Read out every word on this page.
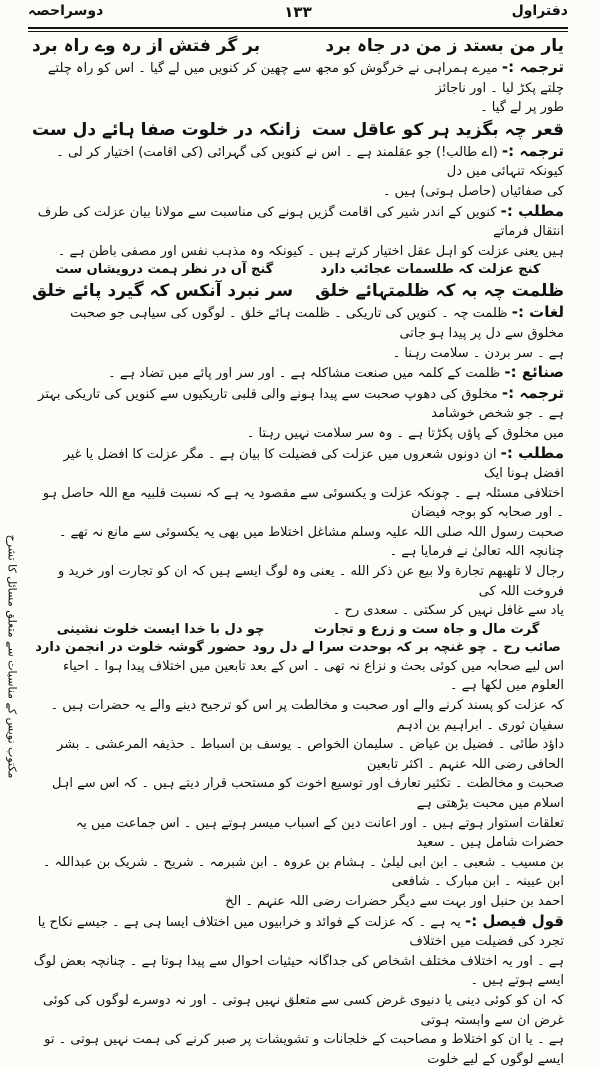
دوسراحصہ	۱۳۳	دفتراول
یار من بستد ز من در جاہ برد
بر گر فتش از رہ وے راہ برد

ترجمہ :- میرے ہمراہی نے خرگوش کو مجھ سے چھین کر کنویں میں لے گیا ۔ اس کو راہ چلتے چلتے پکڑ لیا ۔ اور ناجائز

طور پر لے گیا ۔

قعر چہ بگزید ہر کو عاقل ست
زانکہ در خلوت صفا ہائے دل ست

ترجمہ :- (اے طالب!) جو عقلمند ہے ۔ اس نے کنویں کی گہرائی (کی اقامت) اختیار کر لی ۔ کیونکہ تنہائی میں دل

کی صفائیاں (حاصل ہوتی) ہیں ۔

مطلب :- کنویں کے اندر شیر کی اقامت گزیں ہونے کی مناسبت سے مولانا بیان عزلت کی طرف انتقال فرماتے

ہیں یعنی عزلت کو اہل عقل اختیار کرتے ہیں ۔ کیونکہ وہ مذہب نفس اور مصفی باطن ہے ۔

کنج عزلت کہ طلسمات عجائب دارد
گنج آں در نظر ہمت درویشاں ست
ظلمت چہ بہ کہ ظلمتہائے خلق
سر نبرد آنکس کہ گیرد پائے خلق

لغات :- ظلمت چہ ۔ کنویں کی تاریکی ۔ ظلمت ہائے خلق ۔ لوگوں کی سیاہی جو صحبت مخلوق سے دل پر پیدا ہو جاتی

ہے ۔ سر بردن ۔ سلامت رہنا ۔

صنائع :- ظلمت کے کلمہ میں صنعت مشاکلہ ہے ۔ اور سر اور پائے میں تضاد ہے ۔

ترجمہ :- مخلوق کی دھوپ صحبت سے پیدا ہونے والی قلبی تاریکیوں سے کنویں کی تاریکی بہتر ہے ۔ جو شخص خوشامد

میں مخلوق کے پاؤں پکڑتا ہے ۔ وہ سر سلامت نہیں رہتا ۔

مطلب :- ان دونوں شعروں میں عزلت کی فضیلت کا بیان ہے ۔ مگر عزلت کا افضل یا غیر افضل ہونا ایک

اختلافی مسئلہ ہے ۔ چونکہ عزلت و یکسوئی سے مقصود یہ ہے کہ نسبت قلبیہ مع اللہ حاصل ہو ۔ اور صحابہ کو بوجہ فیضان

صحبت رسول اللہ صلی اللہ علیہ وسلم مشاغل اختلاط میں بھی یہ یکسوئی سے مانع نہ تھے ۔ چنانچہ اللہ تعالیٰ نے فرمایا ہے ۔

رجال لا تلهيهم تجارة ولا بيع عن ذكر الله ۔ یعنی وہ لوگ ایسے ہیں کہ ان کو تجارت اور خرید و فروخت اللہ کی

یاد سے غافل نہیں کر سکتی ۔ سعدی رح ۔

گرت مال و جاہ ست و زرع و تجارت
چو دل با خدا ایست خلوت نشینی
صائب رح ۔ چو غنچہ بر کہ بوحدت سرا لے دل رود
حضور گوشہ خلوت در انجمن دارد

اس لیے صحابہ میں کوئی بحث و نزاع نہ تھی ۔ اس کے بعد تابعین میں اختلاف پیدا ہوا ۔ احیاء العلوم میں لکھا ہے ۔

کہ عزلت کو پسند کرنے والے اور صحبت و مخالطت پر اس کو ترجیح دینے والے یہ حضرات ہیں ۔ سفیان ثوری ۔ ابراہیم بن ادہم

داؤد طائی ۔ فضیل بن عیاض ۔ سلیمان الخواص ۔ یوسف بن اسباط ۔ حذیفہ المرعشی ۔ بشر الحافی رضی اللہ عنہم ۔ اکثر تابعین

صحبت و مخالطت ۔ تکثیر تعارف اور توسیع اخوت کو مستحب قرار دیتے ہیں ۔ کہ اس سے اہل اسلام میں محبت بڑھتی ہے

تعلقات استوار ہوتے ہیں ۔ اور اعانت دین کے اسباب میسر ہوتے ہیں ۔ اس جماعت میں یہ حضرات شامل ہیں ۔ سعید

بن مسیب ۔ شعبی ۔ ابن ابی لیلیٰ ۔ ہشام بن عروہ ۔ ابن شبرمہ ۔ شریح ۔ شریک بن عبداللہ ۔ ابن عیینہ ۔ ابن مبارک ۔ شافعی

احمد بن حنبل اور بہت سے دیگر حضرات رضی اللہ عنہم ۔ الخ

قول فیصل :- یہ ہے ۔ کہ عزلت کے فوائد و خرابیوں میں اختلاف ایسا ہی ہے ۔ جیسے نکاح یا تجرد کی فضیلت میں اختلاف

ہے ۔ اور یہ اختلاف مختلف اشخاص کی جداگانہ حیثیات احوال سے پیدا ہوتا ہے ۔ چنانچہ بعض لوگ ایسے ہوتے ہیں ۔

کہ ان کو کوئی دینی یا دنیوی غرض کسی سے متعلق نہیں ہوتی ۔ اور نہ دوسرے لوگوں کی کوئی غرض ان سے وابستہ ہوتی

ہے ۔ یا ان کو اختلاط و مصاحبت کے خلجانات و تشویشات پر صبر کرنے کی ہمت نہیں ہوتی ۔ تو ایسے لوگوں کے لیے خلوت

مکتوب نویس کے مناسبات سے متعلق مسائل کا تشرح
